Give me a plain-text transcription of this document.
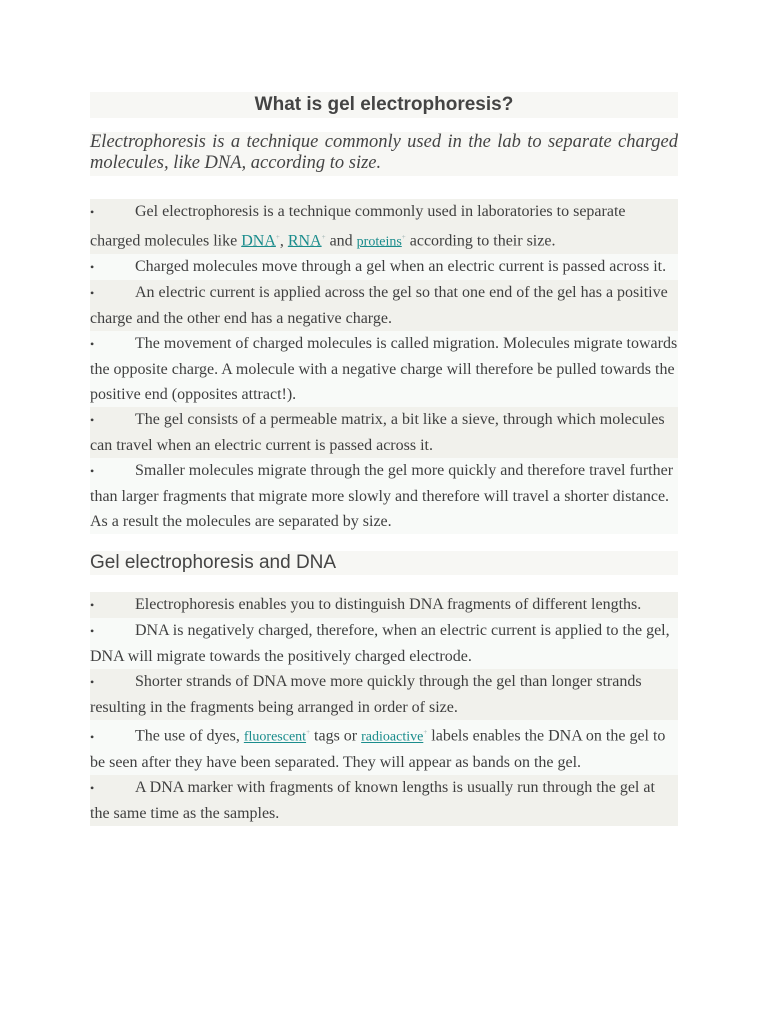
What is gel electrophoresis?
Electrophoresis is a technique commonly used in the lab to separate charged molecules, like DNA, according to size.
•	Gel electrophoresis is a technique commonly used in laboratories to separate charged molecules like DNA+, RNA+ and proteins+ according to their size.
•	Charged molecules move through a gel when an electric current is passed across it.
•	An electric current is applied across the gel so that one end of the gel has a positive charge and the other end has a negative charge.
•	The movement of charged molecules is called migration. Molecules migrate towards the opposite charge. A molecule with a negative charge will therefore be pulled towards the positive end (opposites attract!).
•	The gel consists of a permeable matrix, a bit like a sieve, through which molecules can travel when an electric current is passed across it.
•	Smaller molecules migrate through the gel more quickly and therefore travel further than larger fragments that migrate more slowly and therefore will travel a shorter distance. As a result the molecules are separated by size.
Gel electrophoresis and DNA
•	Electrophoresis enables you to distinguish DNA fragments of different lengths.
•	DNA is negatively charged, therefore, when an electric current is applied to the gel, DNA will migrate towards the positively charged electrode.
•	Shorter strands of DNA move more quickly through the gel than longer strands resulting in the fragments being arranged in order of size.
•	The use of dyes, fluorescent+ tags or radioactive+ labels enables the DNA on the gel to be seen after they have been separated. They will appear as bands on the gel.
•	A DNA marker with fragments of known lengths is usually run through the gel at the same time as the samples.
